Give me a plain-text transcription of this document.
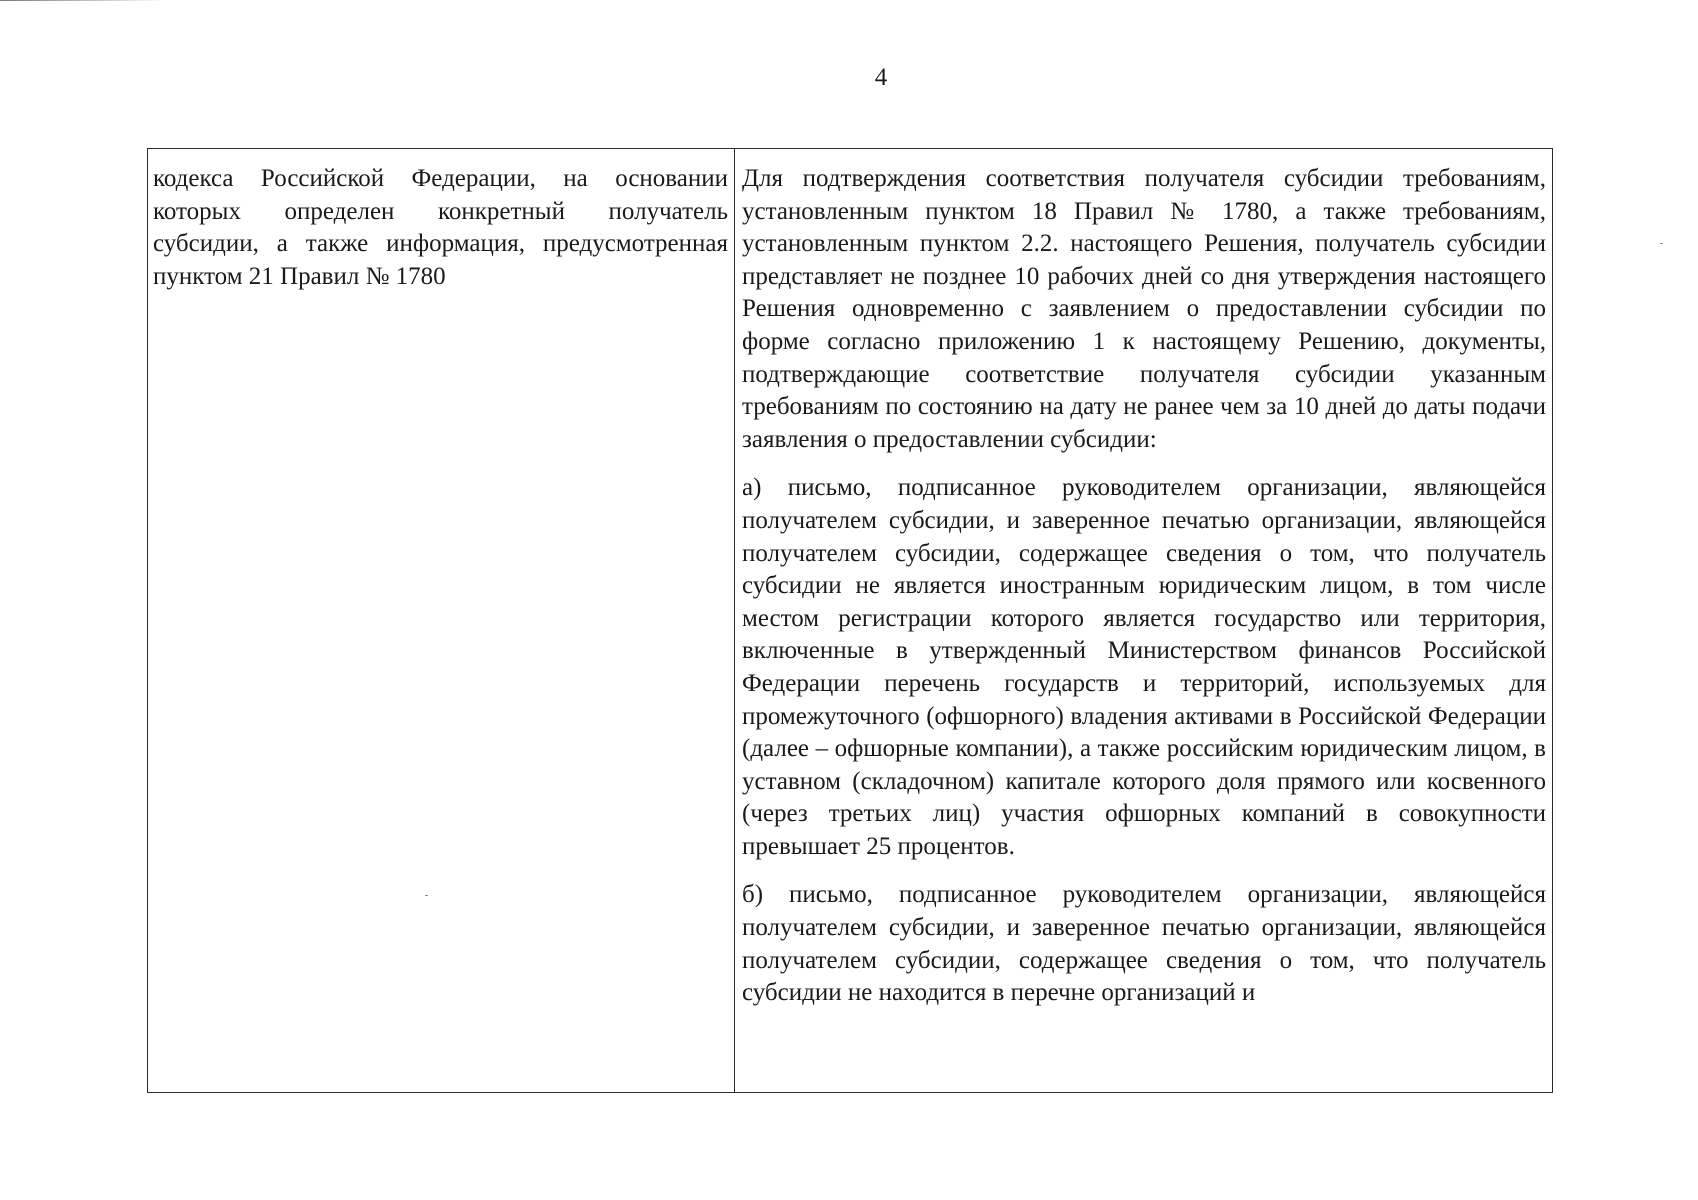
4

кодекса Российской Федерации, на основании которых определен конкретный получатель субсидии, а также информация, предусмотренная пунктом 21 Правил № 1780

Для подтверждения соответствия получателя субсидии требованиям, установленным пунктом 18 Правил № 1780, а также требованиям, установленным пунктом 2.2. настоящего Решения, получатель субсидии представляет не позднее 10 рабочих дней со дня утверждения настоящего Решения одновременно с заявлением о предоставлении субсидии по форме согласно приложению 1 к настоящему Решению, документы, подтверждающие соответствие получателя субсидии указанным требованиям по состоянию на дату не ранее чем за 10 дней до даты подачи заявления о предоставлении субсидии:

а) письмо, подписанное руководителем организации, являющейся получателем субсидии, и заверенное печатью организации, являющейся получателем субсидии, содержащее сведения о том, что получатель субсидии не является иностранным юридическим лицом, в том числе местом регистрации которого является государство или территория, включенные в утвержденный Министерством финансов Российской Федерации перечень государств и территорий, используемых для промежуточного (офшорного) владения активами в Российской Федерации (далее – офшорные компании), а также российским юридическим лицом, в уставном (складочном) капитале которого доля прямого или косвенного (через третьих лиц) участия офшорных компаний в совокупности превышает 25 процентов.

б) письмо, подписанное руководителем организации, являющейся получателем субсидии, и заверенное печатью организации, являющейся получателем субсидии, содержащее сведения о том, что получатель субсидии не находится в перечне организаций и
